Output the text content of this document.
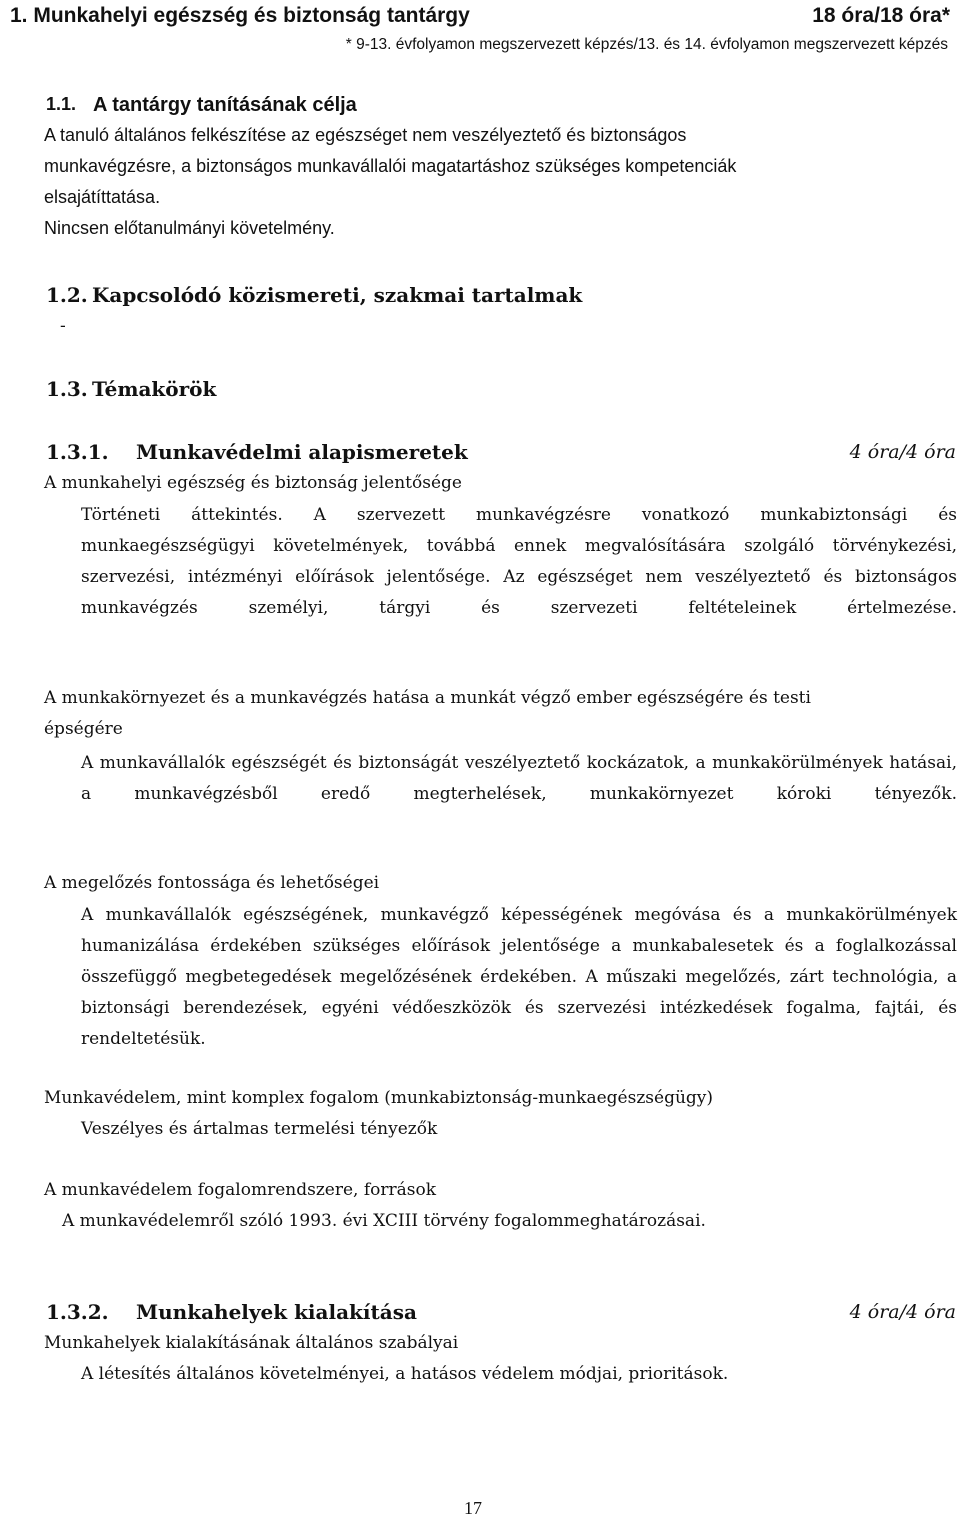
1. Munkahelyi egészség és biztonság tantárgy	18 óra/18 óra*
* 9-13. évfolyamon megszervezett képzés/13. és 14. évfolyamon megszervezett képzés
1.1. A tantárgy tanításának célja
A tanuló általános felkészítése az egészséget nem veszélyeztető és biztonságos
munkavégzésre, a biztonságos munkavállalói magatartáshoz szükséges kompetenciák
elsajátíttatása.
Nincsen előtanulmányi követelmény.
1.2. Kapcsolódó közismereti, szakmai tartalmak
-
1.3. Témakörök
1.3.1. Munkavédelmi alapismeretek	4 óra/4 óra
A munkahelyi egészség és biztonság jelentősége
Történeti áttekintés. A szervezett munkavégzésre vonatkozó munkabiztonsági és munkaegészségügyi követelmények, továbbá ennek megvalósítására szolgáló törvénykezési, szervezési, intézményi előírások jelentősége. Az egészséget nem veszélyeztető és biztonságos munkavégzés személyi, tárgyi és szervezeti feltételeinek értelmezése.
A munkakörnyezet és a munkavégzés hatása a munkát végző ember egészségére és testi
épségére
A munkavállalók egészségét és biztonságát veszélyeztető kockázatok, a munkakörülmények hatásai, a munkavégzésből eredő megterhelések, munkakörnyezet kóroki tényezők.
A megelőzés fontossága és lehetőségei
A munkavállalók egészségének, munkavégző képességének megóvása és a munkakörülmények humanizálása érdekében szükséges előírások jelentősége a munkabalesetek és a foglalkozással összefüggő megbetegedések megelőzésének érdekében. A műszaki megelőzés, zárt technológia, a biztonsági berendezések, egyéni védőeszközök és szervezési intézkedések fogalma, fajtái, és rendeltetésük.
Munkavédelem, mint komplex fogalom (munkabiztonság-munkaegészségügy)
Veszélyes és ártalmas termelési tényezők
A munkavédelem fogalomrendszere, források
A munkavédelemről szóló 1993. évi XCIII törvény fogalommeghatározásai.
1.3.2. Munkahelyek kialakítása	4 óra/4 óra
Munkahelyek kialakításának általános szabályai
A létesítés általános követelményei, a hatásos védelem módjai, prioritások.
17
